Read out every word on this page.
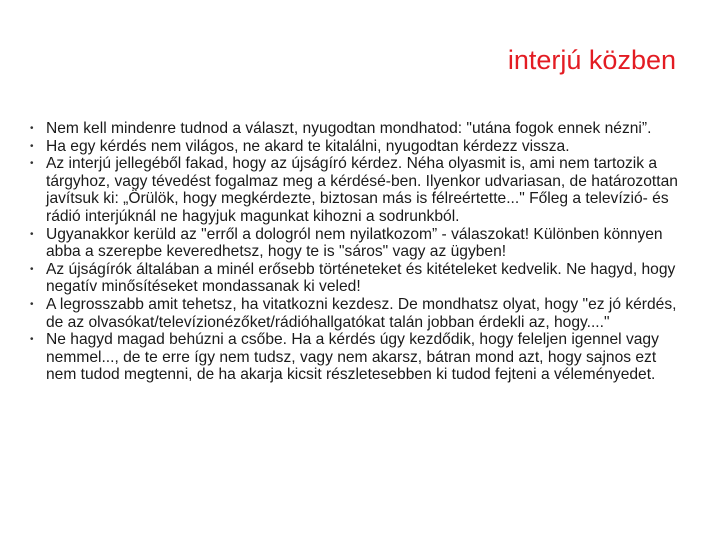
interjú közben
• Nem kell mindenre tudnod a választ, nyugodtan mondhatod: "utána fogok ennek nézni”.
• Ha egy kérdés nem világos, ne akard te kitalálni, nyugodtan kérdezz vissza.
• Az interjú jellegéből fakad, hogy az újságíró kérdez. Néha olyasmit is, ami nem tartozik a tárgyhoz, vagy tévedést fogalmaz meg a kérdésé-ben. Ilyenkor udvariasan, de határozottan javítsuk ki: „Örülök, hogy megkérdezte, biztosan más is félreértette..." Főleg a televízió- és rádió interjúknál ne hagyjuk magunkat kihozni a sodrunkból.
• Ugyanakkor kerüld az "erről a dologról nem nyilatkozom” - válaszokat! Különben könnyen abba a szerepbe keveredhetsz, hogy te is "sáros" vagy az ügyben!
• Az újságírók általában a minél erősebb történeteket és kitételeket kedvelik. Ne hagyd, hogy negatív minősítéseket mondassanak ki veled!
• A legrosszabb amit tehetsz, ha vitatkozni kezdesz. De mondhatsz olyat, hogy "ez jó kérdés, de az olvasókat/televízionézőket/rádióhallgatókat talán jobban érdekli az, hogy...."
• Ne hagyd magad behúzni a csőbe. Ha a kérdés úgy kezdődik, hogy feleljen igennel vagy nemmel..., de te erre így nem tudsz, vagy nem akarsz, bátran mond azt, hogy sajnos ezt nem tudod megtenni, de ha akarja kicsit részletesebben ki tudod fejteni a véleményedet.
